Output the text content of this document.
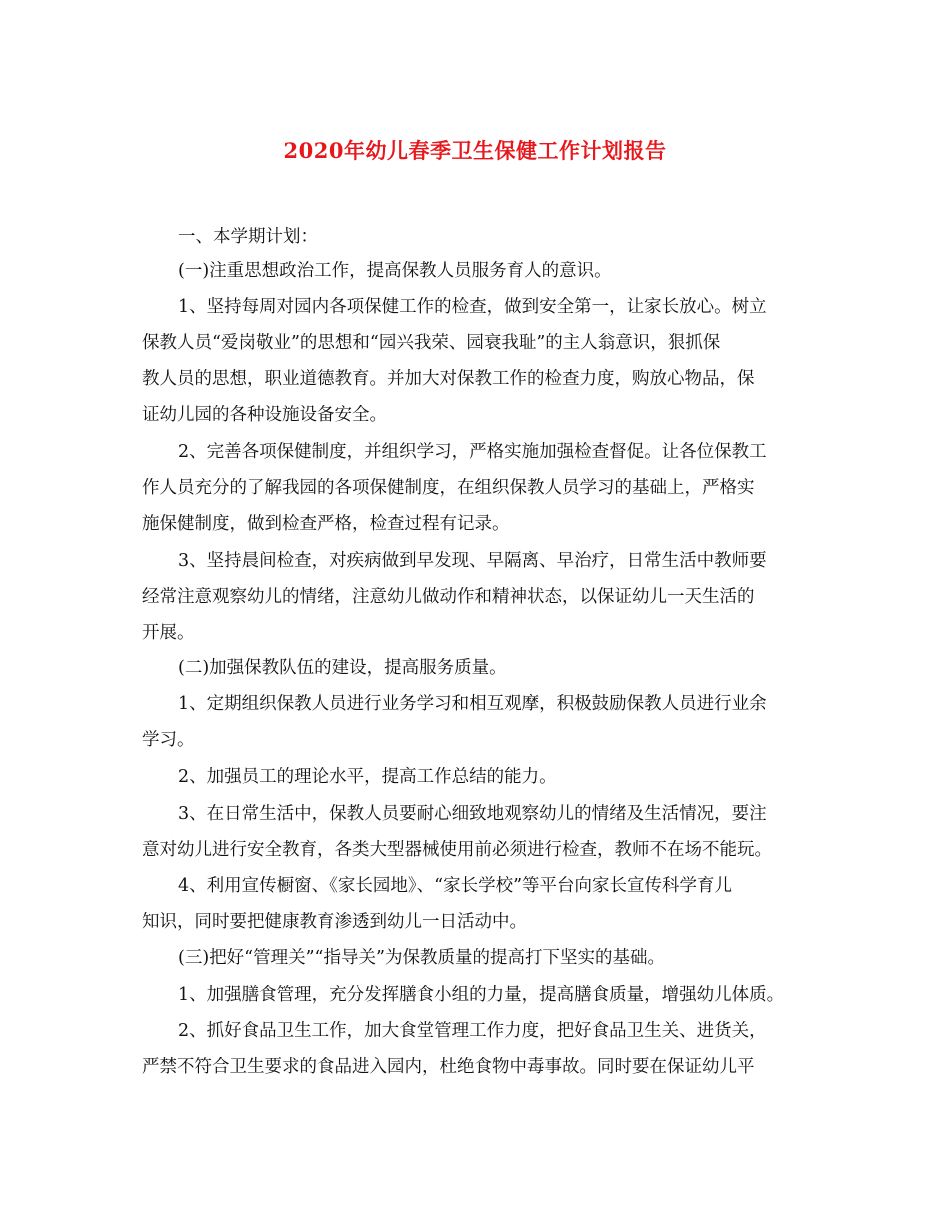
2020年幼儿春季卫生保健工作计划报告
一、本学期计划：
(一)注重思想政治工作，提高保教人员服务育人的意识。
1、坚持每周对园内各项保健工作的检查，做到安全第一，让家长放心。树立
保教人员“爱岗敬业”的思想和“园兴我荣、园衰我耻”的主人翁意识，狠抓保
教人员的思想，职业道德教育。并加大对保教工作的检查力度，购放心物品，保
证幼儿园的各种设施设备安全。
2、完善各项保健制度，并组织学习，严格实施加强检查督促。让各位保教工
作人员充分的了解我园的各项保健制度，在组织保教人员学习的基础上，严格实
施保健制度，做到检查严格，检查过程有记录。
3、坚持晨间检查，对疾病做到早发现、早隔离、早治疗，日常生活中教师要
经常注意观察幼儿的情绪，注意幼儿做动作和精神状态，以保证幼儿一天生活的
开展。
(二)加强保教队伍的建设，提高服务质量。
1、定期组织保教人员进行业务学习和相互观摩，积极鼓励保教人员进行业余
学习。
2、加强员工的理论水平，提高工作总结的能力。
3、在日常生活中，保教人员要耐心细致地观察幼儿的情绪及生活情况，要注
意对幼儿进行安全教育，各类大型器械使用前必须进行检查，教师不在场不能玩。
4、利用宣传橱窗、《家长园地》、“家长学校”等平台向家长宣传科学育儿
知识，同时要把健康教育渗透到幼儿一日活动中。
(三)把好“管理关”“指导关”为保教质量的提高打下坚实的基础。
1、加强膳食管理，充分发挥膳食小组的力量，提高膳食质量，增强幼儿体质。
2、抓好食品卫生工作，加大食堂管理工作力度，把好食品卫生关、进货关，
严禁不符合卫生要求的食品进入园内，杜绝食物中毒事故。同时要在保证幼儿平
